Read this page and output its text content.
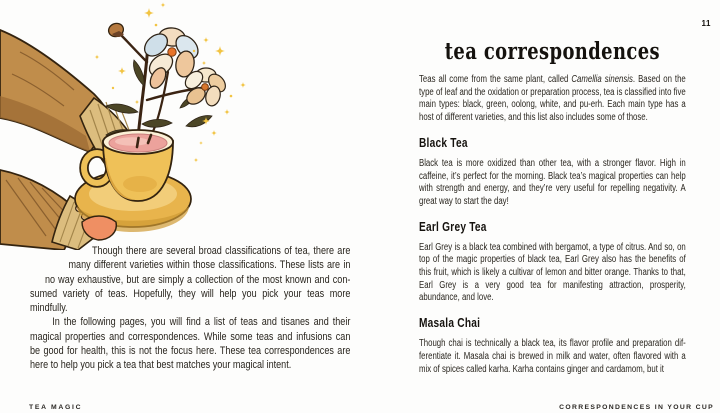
Though there are several broad classifications of tea, there are many different varieties within those classifications. These lists are in no way exhaustive, but are simply a collection of the most known and consumed variety of teas. Hopefully, they will help you pick your teas more mindfully.

In the following pages, you will find a list of teas and tisanes and their magical properties and correspondences. While some teas and infusions can be good for health, this is not the focus here. These tea correspondences are here to help you pick a tea that best matches your magical intent.

TEA MAGIC
11
tea correspondences

Teas all come from the same plant, called Camellia sinensis. Based on the type of leaf and the oxidation or preparation process, tea is classified into five main types: black, green, oolong, white, and pu-erh. Each main type has a host of different varieties, and this list also includes some of those.

Black Tea

Black tea is more oxidized than other tea, with a stronger flavor. High in caffeine, it’s perfect for the morning. Black tea’s magical properties can help with strength and energy, and they’re very useful for repelling negativity. A great way to start the day!

Earl Grey Tea

Earl Grey is a black tea combined with bergamot, a type of citrus. And so, on top of the magic properties of black tea, Earl Grey also has the benefits of this fruit, which is likely a cultivar of lemon and bitter orange. Thanks to that, Earl Grey is a very good tea for manifesting attraction, prosperity, abundance, and love.

Masala Chai

Though chai is technically a black tea, its flavor profile and preparation differentiate it. Masala chai is brewed in milk and water, often flavored with a mix of spices called karha. Karha contains ginger and cardamom, but it

CORRESPONDENCES IN YOUR CUP
